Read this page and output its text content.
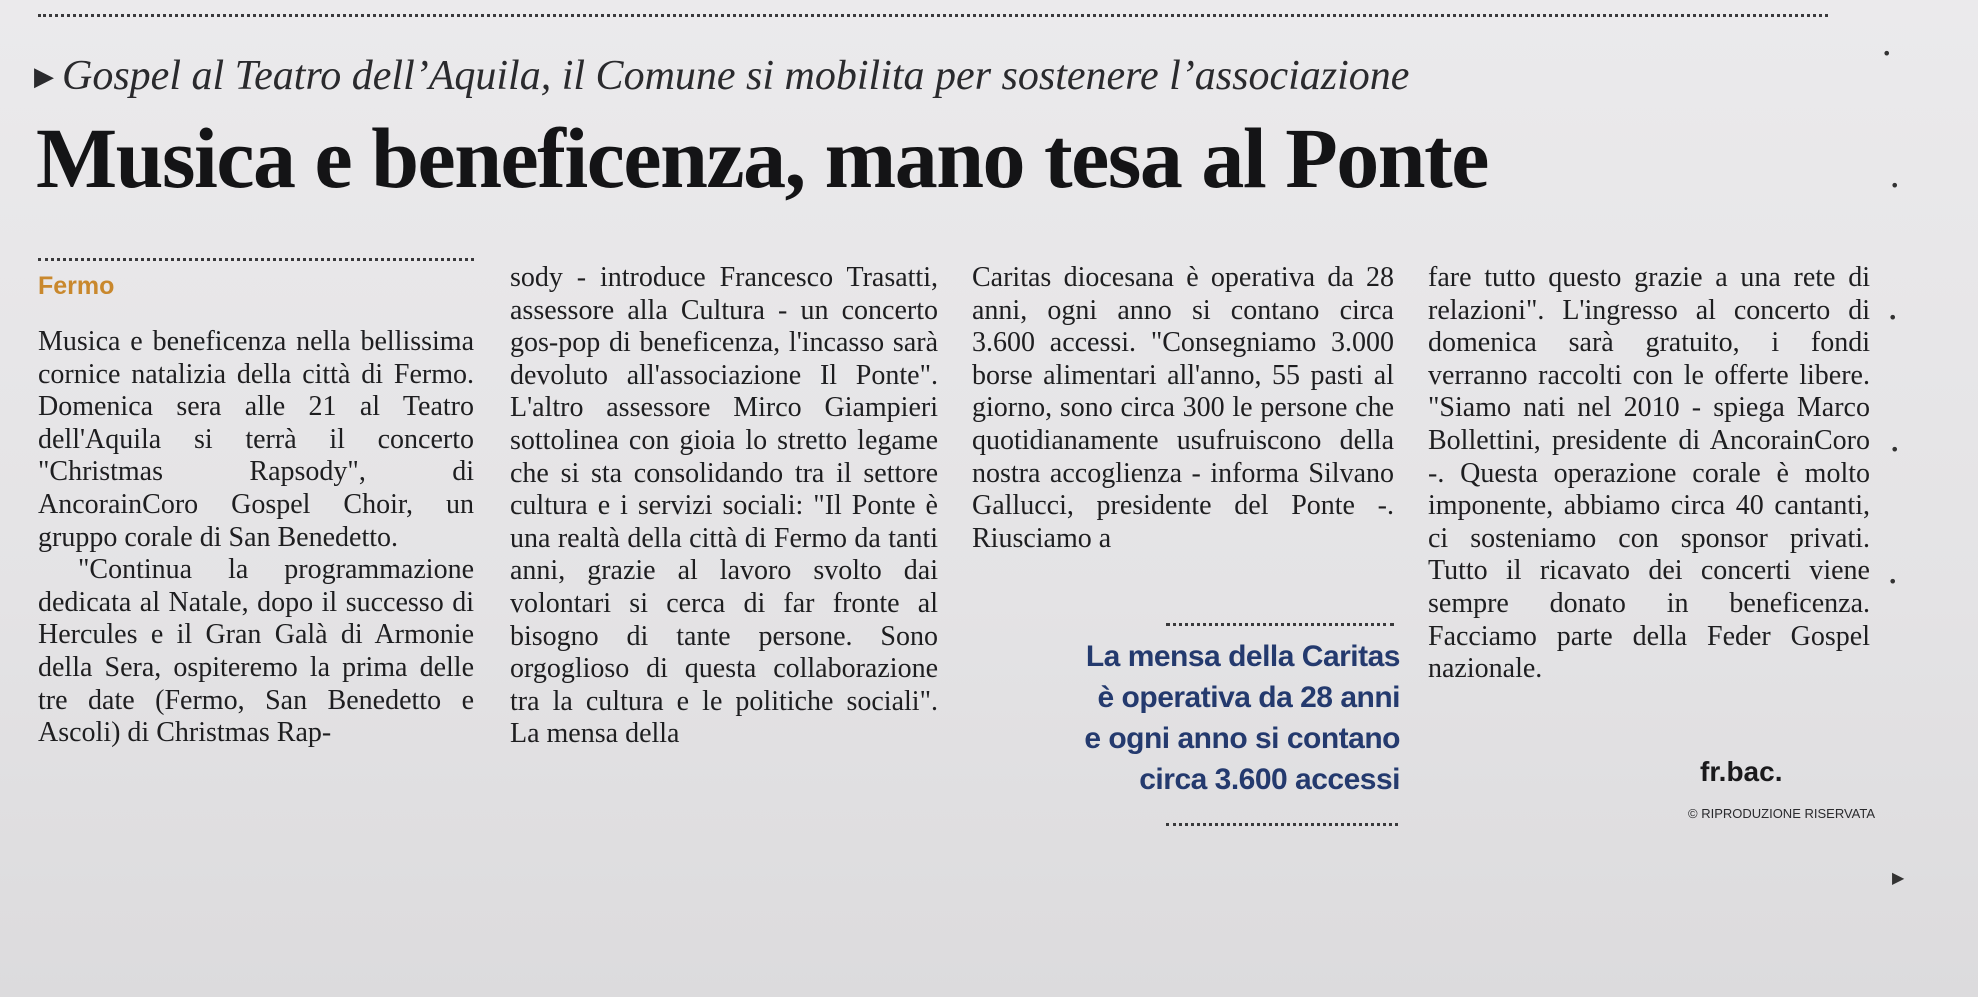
▶ Gospel al Teatro dell’Aquila, il Comune si mobilita per sostenere l’associazione
Musica e beneficenza, mano tesa al Ponte
Fermo

Musica e beneficenza nella bellissima cornice natalizia della città di Fermo. Domenica sera alle 21 al Teatro dell'Aquila si terrà il concerto "Christmas Rapsody", di AncorainCoro Gospel Choir, un gruppo corale di San Benedetto.

"Continua la programmazione dedicata al Natale, dopo il successo di Hercules e il Gran Galà di Armonie della Sera, ospiteremo la prima delle tre date (Fermo, San Benedetto e Ascoli) di Christmas Rap-

sody - introduce Francesco Trasatti, assessore alla Cultura - un concerto gos-pop di beneficenza, l'incasso sarà devoluto all'associazione Il Ponte". L'altro assessore Mirco Giampieri sottolinea con gioia lo stretto legame che si sta consolidando tra il settore cultura e i servizi sociali: "Il Ponte è una realtà della città di Fermo da tanti anni, grazie al lavoro svolto dai volontari si cerca di far fronte al bisogno di tante persone. Sono orgoglioso di questa collaborazione tra la cultura e le politiche sociali". La mensa della

Caritas diocesana è operativa da 28 anni, ogni anno si contano circa 3.600 accessi. "Consegniamo 3.000 borse alimentari all'anno, 55 pasti al giorno, sono circa 300 le persone che quotidianamente usufruiscono della nostra accoglienza - informa Silvano Gallucci, presidente del Ponte -. Riusciamo a

fare tutto questo grazie a una rete di relazioni". L'ingresso al concerto di domenica sarà gratuito, i fondi verranno raccolti con le offerte libere. "Siamo nati nel 2010 - spiega Marco Bollettini, presidente di AncorainCoro -. Questa operazione corale è molto imponente, abbiamo circa 40 cantanti, ci sosteniamo con sponsor privati. Tutto il ricavato dei concerti viene sempre donato in beneficenza. Facciamo parte della Feder Gospel nazionale.

La mensa della Caritas
è operativa da 28 anni
e ogni anno si contano
circa 3.600 accessi	fr.bac.
© RIPRODUZIONE RISERVATA
•
•
•
•
•
▶
